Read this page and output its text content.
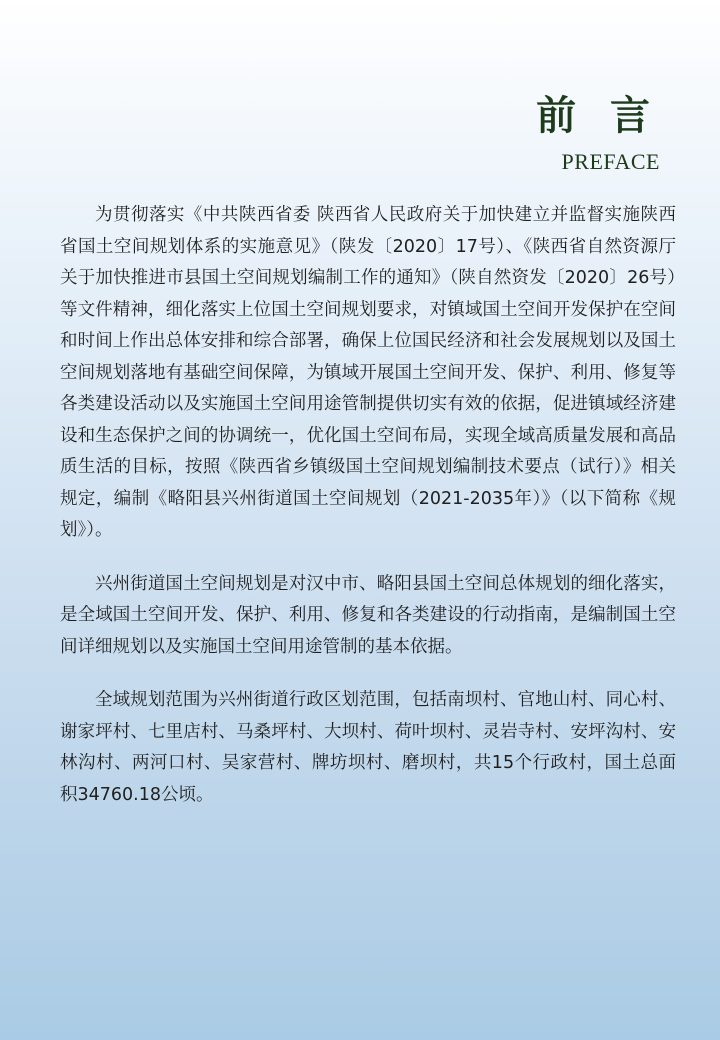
前 言
PREFACE

为贯彻落实《中共陕西省委 陕西省人民政府关于加快建立并监督实施陕西省国土空间规划体系的实施意见》（陕发〔2020〕17号）、《陕西省自然资源厅关于加快推进市县国土空间规划编制工作的通知》（陕自然资发〔2020〕26号）等文件精神，细化落实上位国土空间规划要求，对镇域国土空间开发保护在空间和时间上作出总体安排和综合部署，确保上位国民经济和社会发展规划以及国土空间规划落地有基础空间保障，为镇域开展国土空间开发、保护、利用、修复等各类建设活动以及实施国土空间用途管制提供切实有效的依据，促进镇域经济建设和生态保护之间的协调统一，优化国土空间布局，实现全域高质量发展和高品质生活的目标，按照《陕西省乡镇级国土空间规划编制技术要点（试行）》相关规定，编制《略阳县兴州街道国土空间规划（2021-2035年）》（以下简称《规划》）。

兴州街道国土空间规划是对汉中市、略阳县国土空间总体规划的细化落实，是全域国土空间开发、保护、利用、修复和各类建设的行动指南，是编制国土空间详细规划以及实施国土空间用途管制的基本依据。

全域规划范围为兴州街道行政区划范围，包括南坝村、官地山村、同心村、谢家坪村、七里店村、马桑坪村、大坝村、荷叶坝村、灵岩寺村、安坪沟村、安林沟村、两河口村、吴家营村、牌坊坝村、磨坝村，共15个行政村，国土总面积34760.18公顷。
